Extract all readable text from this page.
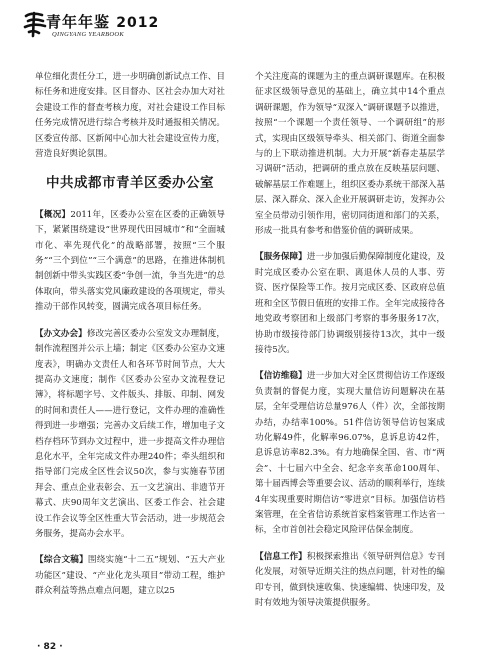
青年年鉴 2012
QINGYANG YEARBOOK

单位细化责任分工，进一步明确创新试点工作、目标任务和进度安排。区目督办、区社会办加大对社会建设工作的督查考核力度，对社会建设工作目标任务完成情况进行综合考核并及时通报相关情况。区委宣传部、区新闻中心加大社会建设宣传力度，营造良好舆论氛围。

中共成都市青羊区委办公室

【概况】2011年，区委办公室在区委的正确领导下，紧紧围绕建设“世界现代田园城市”和“全面城市化、率先现代化”的战略部署，按照“三个服务”“三个到位”“三个满意”的思路，在推进体制机制创新中带头实践区委“争创一流，争当先进”的总体取向，带头落实党风廉政建设的各项规定，带头推动干部作风转变，圆满完成各项目标任务。

【办文办会】修改完善区委办公室发文办理制度，制作流程图并公示上墙；制定《区委办公室办文速度表》，明确办文责任人和各环节时间节点，大大提高办文速度；制作《区委办公室办文流程登记簿》，将标题字号、文件版头、排版、印制、网发的时间和责任人——进行登记，文件办理的准确性得到进一步增强；完善办文后续工作，增加电子文档存档环节到办文过程中，进一步提高文件办理信息化水平，全年完成文件办理240件；牵头组织和指导部门完成全区性会议50次，参与实施春节团拜会、重点企业表彰会、五一文艺演出、非遗节开幕式、庆90周年文艺演出、区委工作会、社会建设工作会议等全区性重大节会活动，进一步规范会务服务，提高办会水平。

【综合文稿】围绕实施“十二五”规划、“五大产业功能区”建设、“产业化龙头项目”带动工程，维护群众利益等热点难点问题，建立以25

个关注度高的课题为主的重点调研课题库。在积极征求区级领导意见的基础上，确立其中14个重点调研课题，作为领导“双深入”调研课题予以推进，按照“一个课题一个责任领导、一个调研组”的形式，实现由区级领导牵头、相关部门、街道全面参与的上下联动推进机制。大力开展“新春走基层学习调研”活动，把调研的重点放在反映基层问题、破解基层工作难题上，组织区委办系统干部深入基层、深入群众、深入企业开展调研走访，发挥办公室全员带动引领作用，密切同街道和部门的关系，形成一批具有参考和借鉴价值的调研成果。

【服务保障】进一步加强后勤保障制度化建设，及时完成区委办公室在职、离退休人员的人事、劳资、医疗保险等工作。按月完成区委、区政府总值班和全区节假日值班的安排工作。全年完成接待各地党政考察团和上级部门考察的事务服务17次，协助市级接待部门协调级别接待13次，其中一级接待5次。

【信访维稳】进一步加大对全区贯彻信访工作逐级负责制的督促力度，实现大量信访问题解决在基层，全年受理信访总量976人（件）次，全部按期办结，办结率100%。51件信访领导信访包案成功化解49件，化解率96.07%，息诉息访42件，息诉息访率82.3%。有力地确保全国、省、市“两会”、十七届六中全会、纪念辛亥革命100周年、第十届西博会等重要会议、活动的顺利举行，连续4年实现重要时期信访“零进京”目标。加强信访档案管理，在全省信访系统首家档案管理工作达省一标，全市首创社会稳定风险评估保金制度。

【信息工作】积极探索推出《领导研判信息》专刊化发展，对领导近期关注的热点问题，针对性的编印专刊，做到快速收集、快速编辑、快速印发，及时有效地为领导决策提供服务。

· 82 ·
